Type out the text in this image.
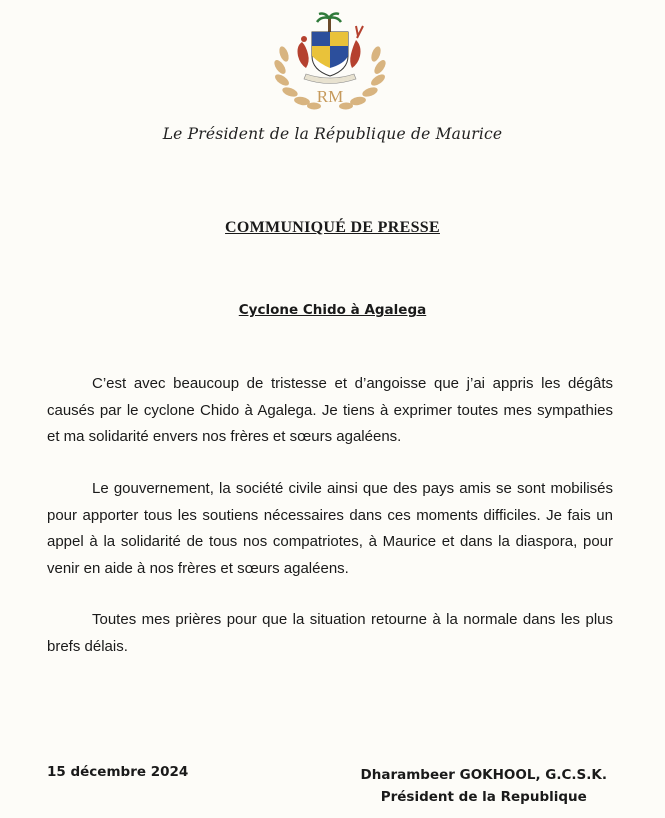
RM
Le Président de la République de Maurice
COMMUNIQUÉ DE PRESSE
Cyclone Chido à Agalega

C’est avec beaucoup de tristesse et d’angoisse que j’ai appris les dégâts causés par le cyclone Chido à Agalega. Je tiens à exprimer toutes mes sympathies et ma solidarité envers nos frères et sœurs agaléens.

Le gouvernement, la société civile ainsi que des pays amis se sont mobilisés pour apporter tous les soutiens nécessaires dans ces moments difficiles. Je fais un appel à la solidarité de tous nos compatriotes, à Maurice et dans la diaspora, pour venir en aide à nos frères et sœurs agaléens.

Toutes mes prières pour que la situation retourne à la normale dans les plus brefs délais.

15 décembre 2024	Dharambeer GOKHOOL, G.C.S.K.
Président de la Republique
